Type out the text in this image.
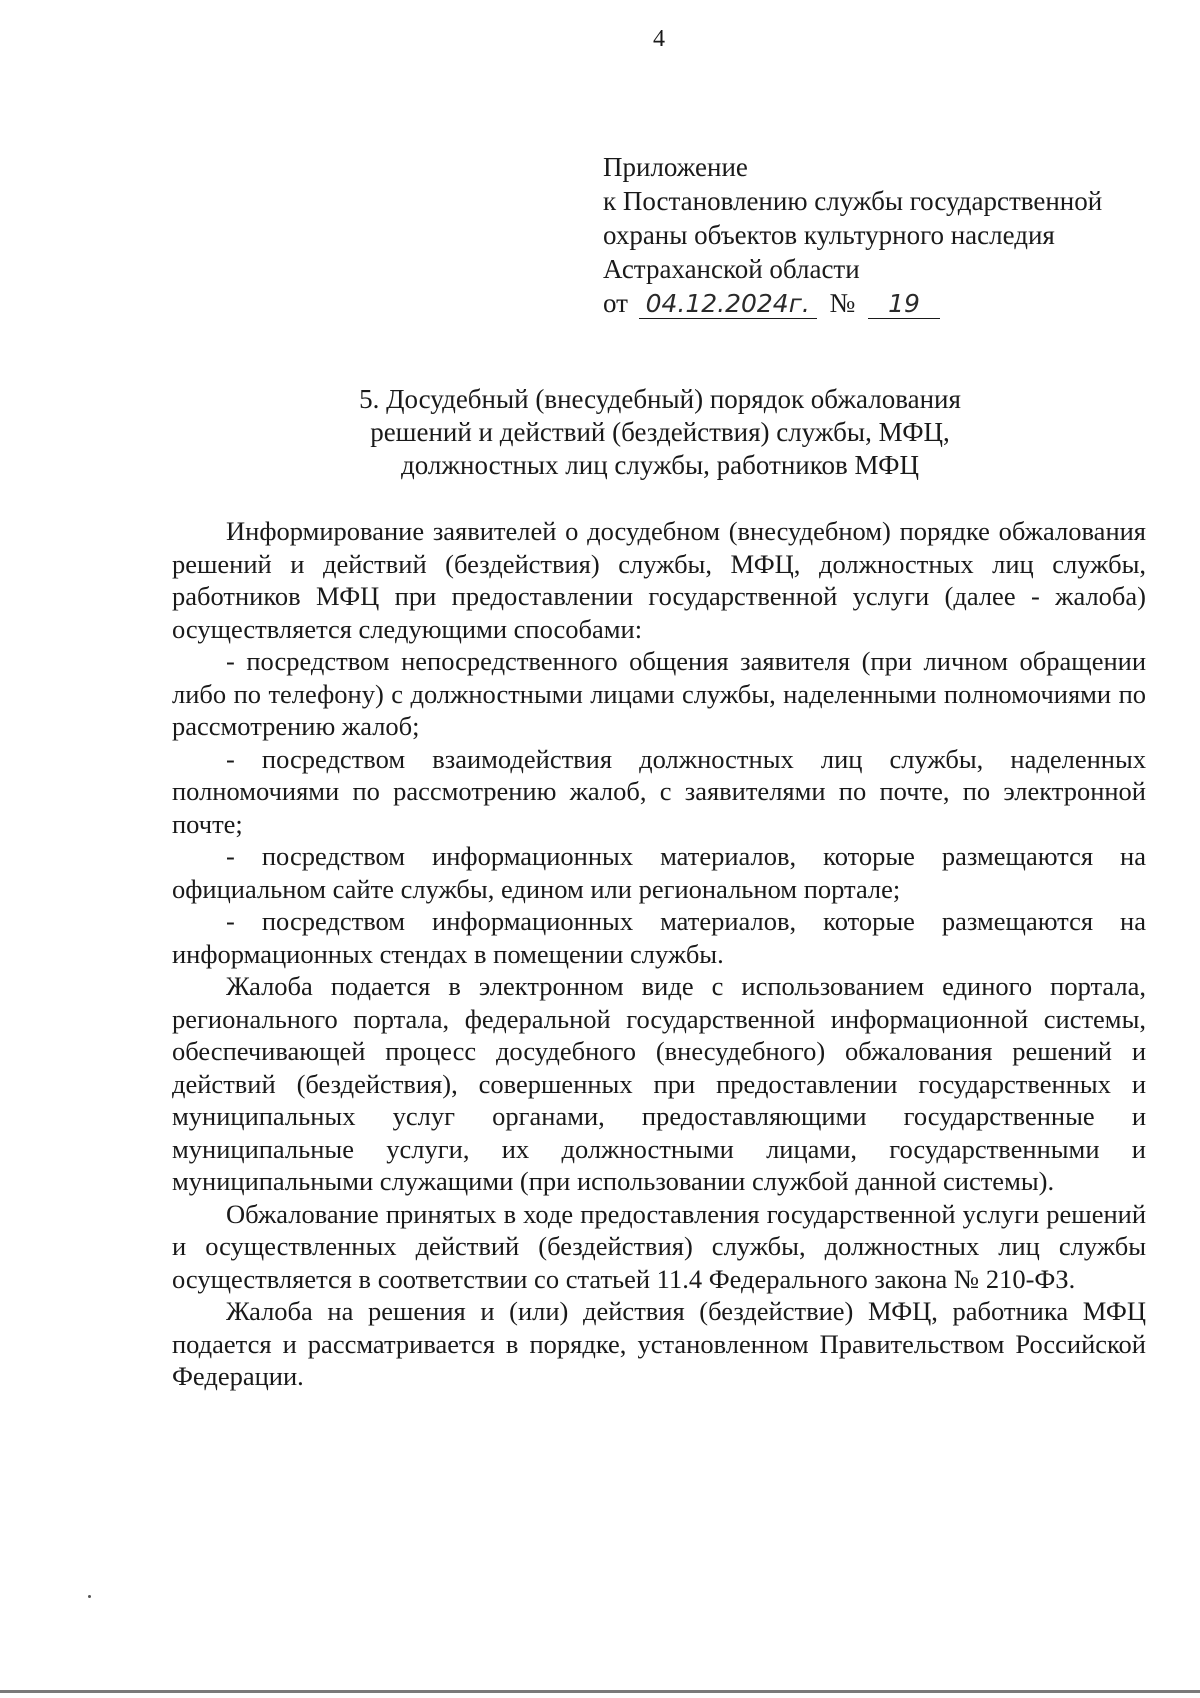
4
Приложение
к Постановлению службы государственной
охраны объектов культурного наследия
Астраханской области
от 04.12.2024г. № 19
5. Досудебный (внесудебный) порядок обжалования
решений и действий (бездействия) службы, МФЦ,
должностных лиц службы, работников МФЦ

Информирование заявителей о досудебном (внесудебном) порядке обжалования решений и действий (бездействия) службы, МФЦ, должностных лиц службы, работников МФЦ при предоставлении государственной услуги (далее - жалоба) осуществляется следующими способами:

- посредством непосредственного общения заявителя (при личном обращении либо по телефону) с должностными лицами службы, наделенными полномочиями по рассмотрению жалоб;

- посредством взаимодействия должностных лиц службы, наделенных полномочиями по рассмотрению жалоб, с заявителями по почте, по электронной почте;

- посредством информационных материалов, которые размещаются на официальном сайте службы, едином или региональном портале;

- посредством информационных материалов, которые размещаются на информационных стендах в помещении службы.

Жалоба подается в электронном виде с использованием единого портала, регионального портала, федеральной государственной информационной системы, обеспечивающей процесс досудебного (внесудебного) обжалования решений и действий (бездействия), совершенных при предоставлении государственных и муниципальных услуг органами, предоставляющими государственные и муниципальные услуги, их должностными лицами, государственными и муниципальными служащими (при использовании службой данной системы).

Обжалование принятых в ходе предоставления государственной услуги решений и осуществленных действий (бездействия) службы, должностных лиц службы осуществляется в соответствии со статьей 11.4 Федерального закона № 210-ФЗ.

Жалоба на решения и (или) действия (бездействие) МФЦ, работника МФЦ подается и рассматривается в порядке, установленном Правительством Российской Федерации.
